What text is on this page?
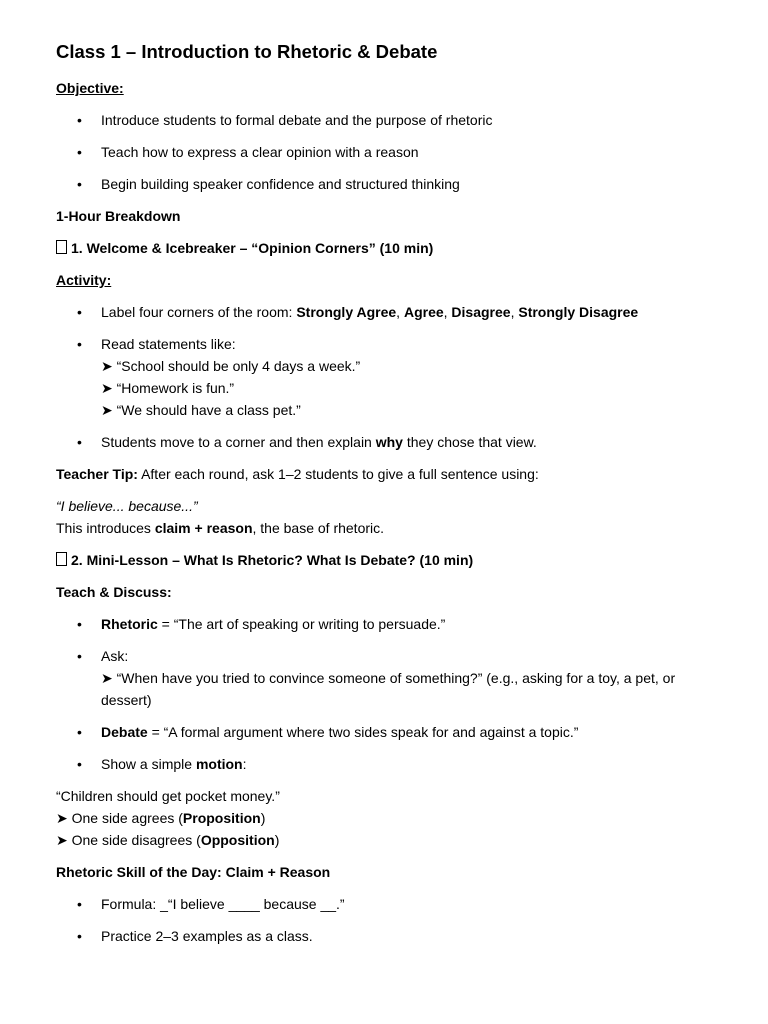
Class 1 – Introduction to Rhetoric & Debate

Objective:

• Introduce students to formal debate and the purpose of rhetoric
• Teach how to express a clear opinion with a reason
• Begin building speaker confidence and structured thinking

1-Hour Breakdown

1. Welcome & Icebreaker – “Opinion Corners” (10 min)

Activity:

• Label four corners of the room: Strongly Agree, Agree, Disagree, Strongly Disagree
• Read statements like:
➤ “School should be only 4 days a week.”
➤ “Homework is fun.”
➤ “We should have a class pet.”
• Students move to a corner and then explain why they chose that view.

Teacher Tip: After each round, ask 1–2 students to give a full sentence using:

“I believe... because...”
This introduces claim + reason, the base of rhetoric.

2. Mini-Lesson – What Is Rhetoric? What Is Debate? (10 min)

Teach & Discuss:

• Rhetoric = “The art of speaking or writing to persuade.”
• Ask:
➤ “When have you tried to convince someone of something?” (e.g., asking for a toy, a pet, or dessert)
• Debate = “A formal argument where two sides speak for and against a topic.”
• Show a simple motion:

“Children should get pocket money.”
➤ One side agrees (Proposition)
➤ One side disagrees (Opposition)

Rhetoric Skill of the Day: Claim + Reason

• Formula: _“I believe ____ because __.”
• Practice 2–3 examples as a class.
